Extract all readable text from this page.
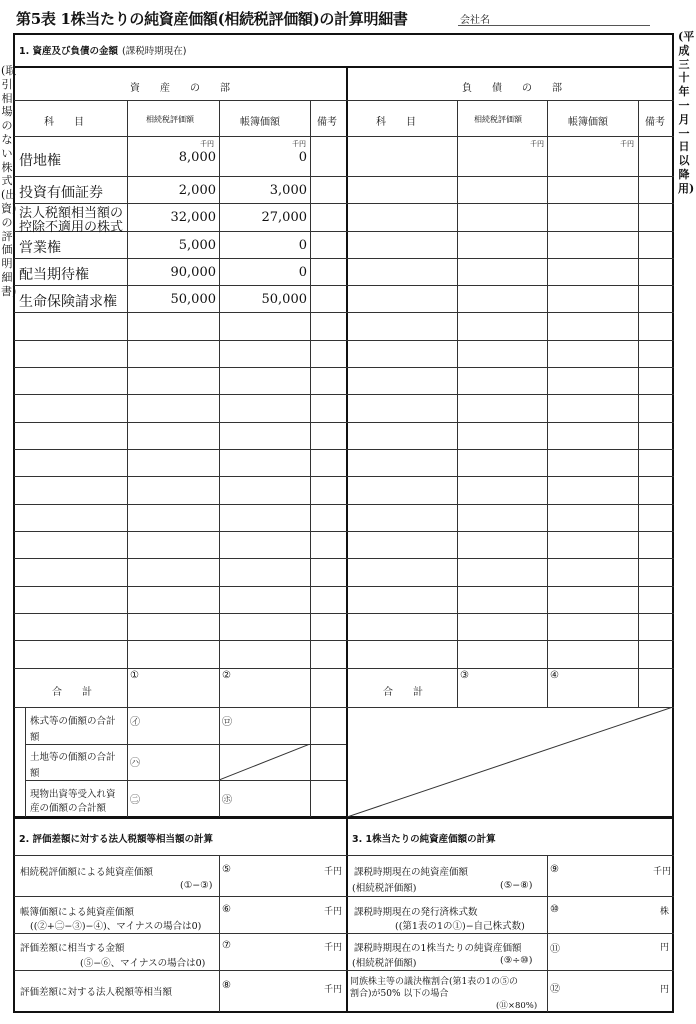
第5表 1株当たりの純資産価額(相続税評価額)の計算明細書	会社名
(取引相場のない株式(出資)の評価明細書)
(平成三十年一月一日以降用)
1. 資産及び負債の金額 (課税時期現在)
資　　産　　の　　部	負　　債　　の　　部
科　　目	相続税評価額	帳簿価額	備考	科　　目	相続税評価額	帳簿価額	備考
千円	千円	千円	千円
借地権	8,000	0
投資有価証券	2,000	3,000
法人税額相当額の
控除不適用の株式
32,000	27,000
営業権	5,000	0
配当期待権	90,000	0
生命保険請求権	50,000	50,000
合　　計
①	②
合　　計
③	④
株式等の価額の合計
額
㋑	㋺
土地等の価額の合計
額
㋩
現物出資等受入れ資
産の価額の合計額
㊁	㋭
2. 評価差額に対する法人税額等相当額の計算	3. 1株当たりの純資産価額の計算
相続税評価額による純資産価額
(①−③)
⑤	千円
帳簿価額による純資産価額
((②+㊁−③)−④)、マイナスの場合は0)
⑥	千円
評価差額に相当する金額
(⑤−⑥、マイナスの場合は0)
⑦	千円
評価差額に対する法人税額等相当額
⑧	千円
課税時期現在の純資産価額
(相続税評価額)	(⑤−⑧)
⑨	千円
課税時期現在の発行済株式数
((第1表の1の①)−自己株式数)
⑩	株
課税時期現在の1株当たりの純資産価額
(相続税評価額)	(⑨÷⑩)
⑪	円
同族株主等の議決権割合(第1表の1の⑤の
割合)が50% 以下の場合
(⑪×80%)
⑫	円
